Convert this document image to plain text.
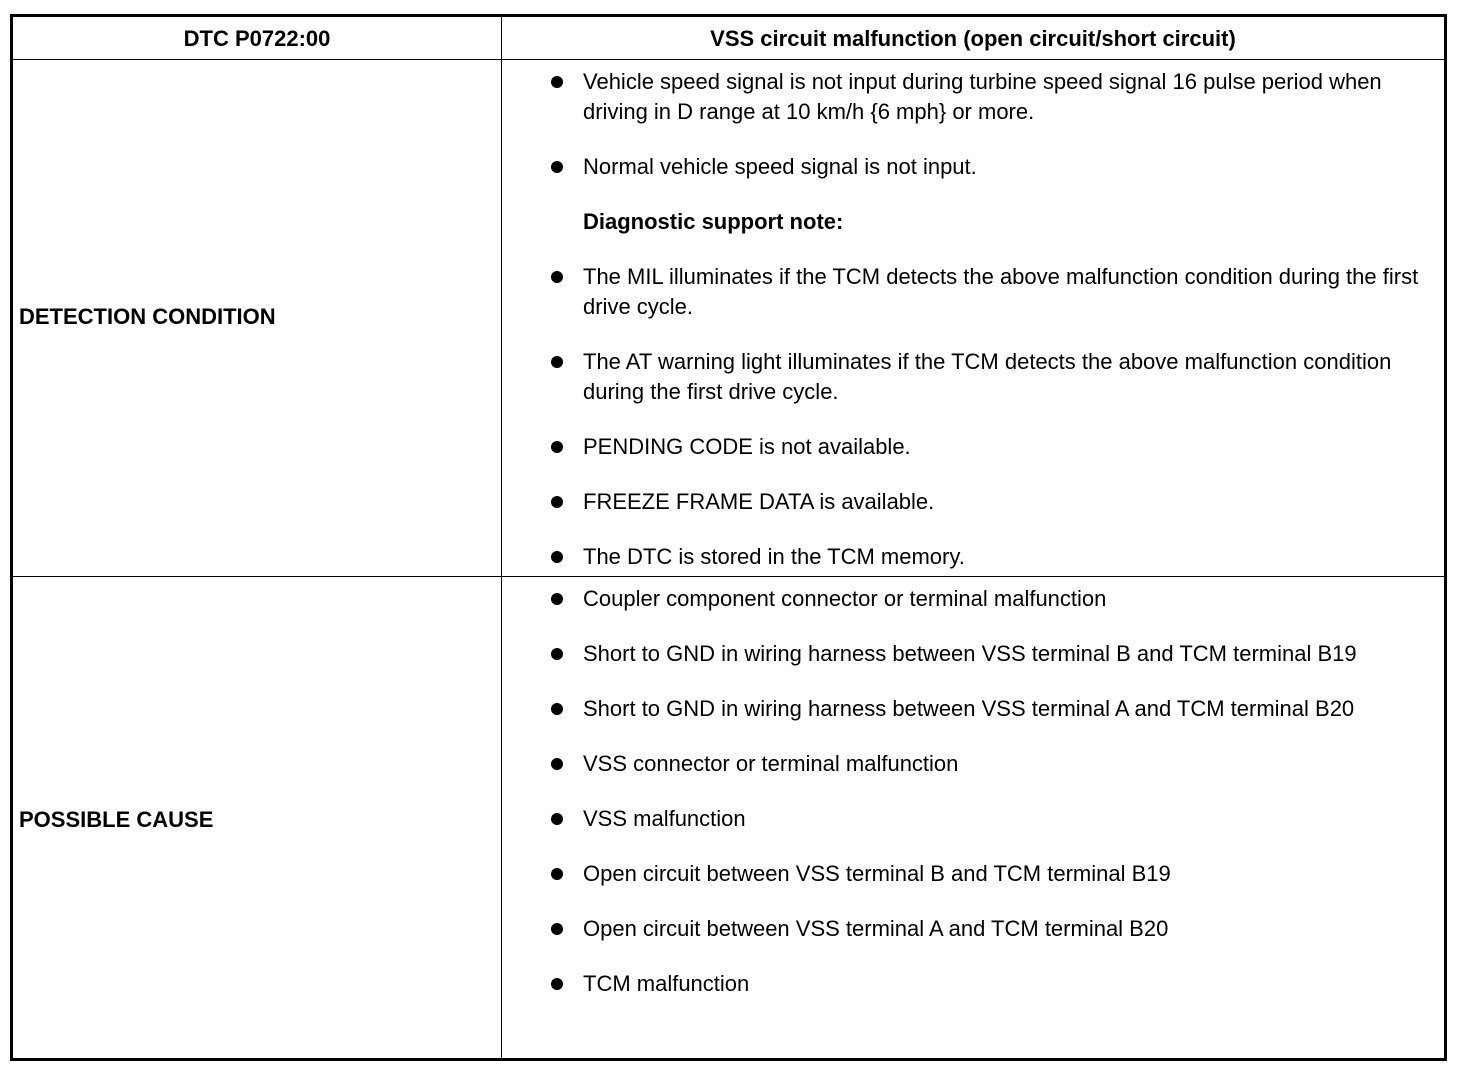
DTC P0722:00	VSS circuit malfunction (open circuit/short circuit)
DETECTION CONDITION
Vehicle speed signal is not input during turbine speed signal 16 pulse period when driving in D range at 10 km/h {6 mph} or more.
Normal vehicle speed signal is not input.
Diagnostic support note:
The MIL illuminates if the TCM detects the above malfunction condition during the first drive cycle.
The AT warning light illuminates if the TCM detects the above malfunction condition during the first drive cycle.
PENDING CODE is not available.
FREEZE FRAME DATA is available.
The DTC is stored in the TCM memory.
POSSIBLE CAUSE
Coupler component connector or terminal malfunction
Short to GND in wiring harness between VSS terminal B and TCM terminal B19
Short to GND in wiring harness between VSS terminal A and TCM terminal B20
VSS connector or terminal malfunction
VSS malfunction
Open circuit between VSS terminal B and TCM terminal B19
Open circuit between VSS terminal A and TCM terminal B20
TCM malfunction
